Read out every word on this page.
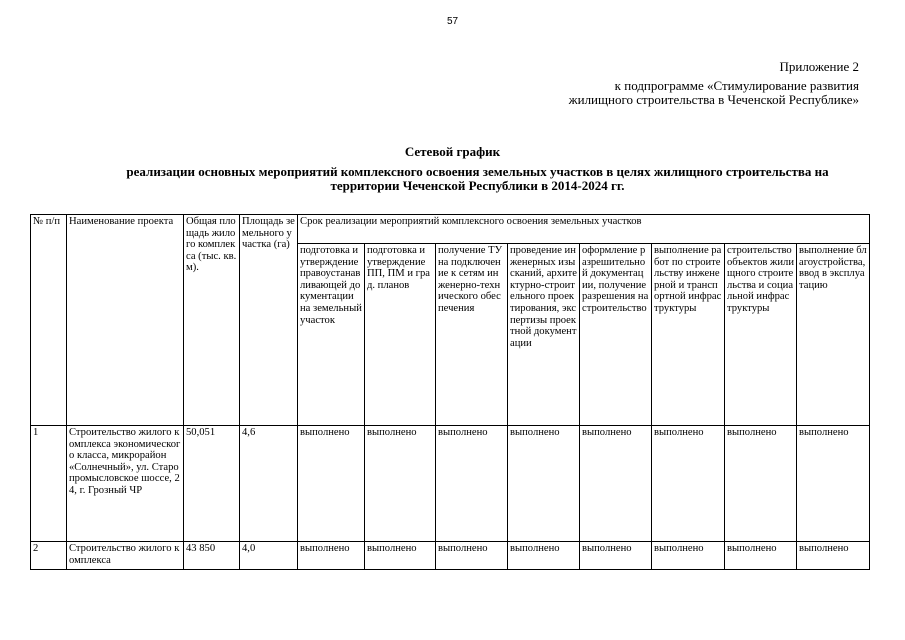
57
Приложение 2
к подпрограмме «Стимулирование развития
жилищного строительства в Чеченской Республике»
Сетевой график
реализации основных мероприятий комплексного освоения земельных участков в целях жилищного строительства на территории Чеченской Республики в 2014-2024 гг.
№ п/п	Наименование проекта	Общая площадь жилого комплекса (тыс. кв. м).	Площадь земельного участка (га)	Срок реализации мероприятий комплексного освоения земельных участков							
				подготовка и утверждение правоустанавливающей документации на земельный участок	подготовка и утверждение ПП, ПМ и град. планов	получение ТУ на подключение к сетям инженерно-технического обеспечения	проведение инженерных изысканий, архитектурно-строительного проектирования, экспертизы проектной документации	оформление разрешительной документации, получение разрешения на строительство	выполнение работ по строительству инженерной и транспортной инфраструктуры	строительство объектов жилищного строительства и социальной инфраструктуры	выполнение благоустройства, ввод в эксплуатацию
1	Строительство жилого комплекса экономического класса, микрорайон «Солнечный», ул. Старопромысловское шоссе, 24, г. Грозный ЧР	50,051	4,6	выполнено	выполнено	выполнено	выполнено	выполнено	выполнено	выполнено	выполнено
2	Строительство жилого комплекса	43 850	4,0	выполнено	выполнено	выполнено	выполнено	выполнено	выполнено	выполнено	выполнено
